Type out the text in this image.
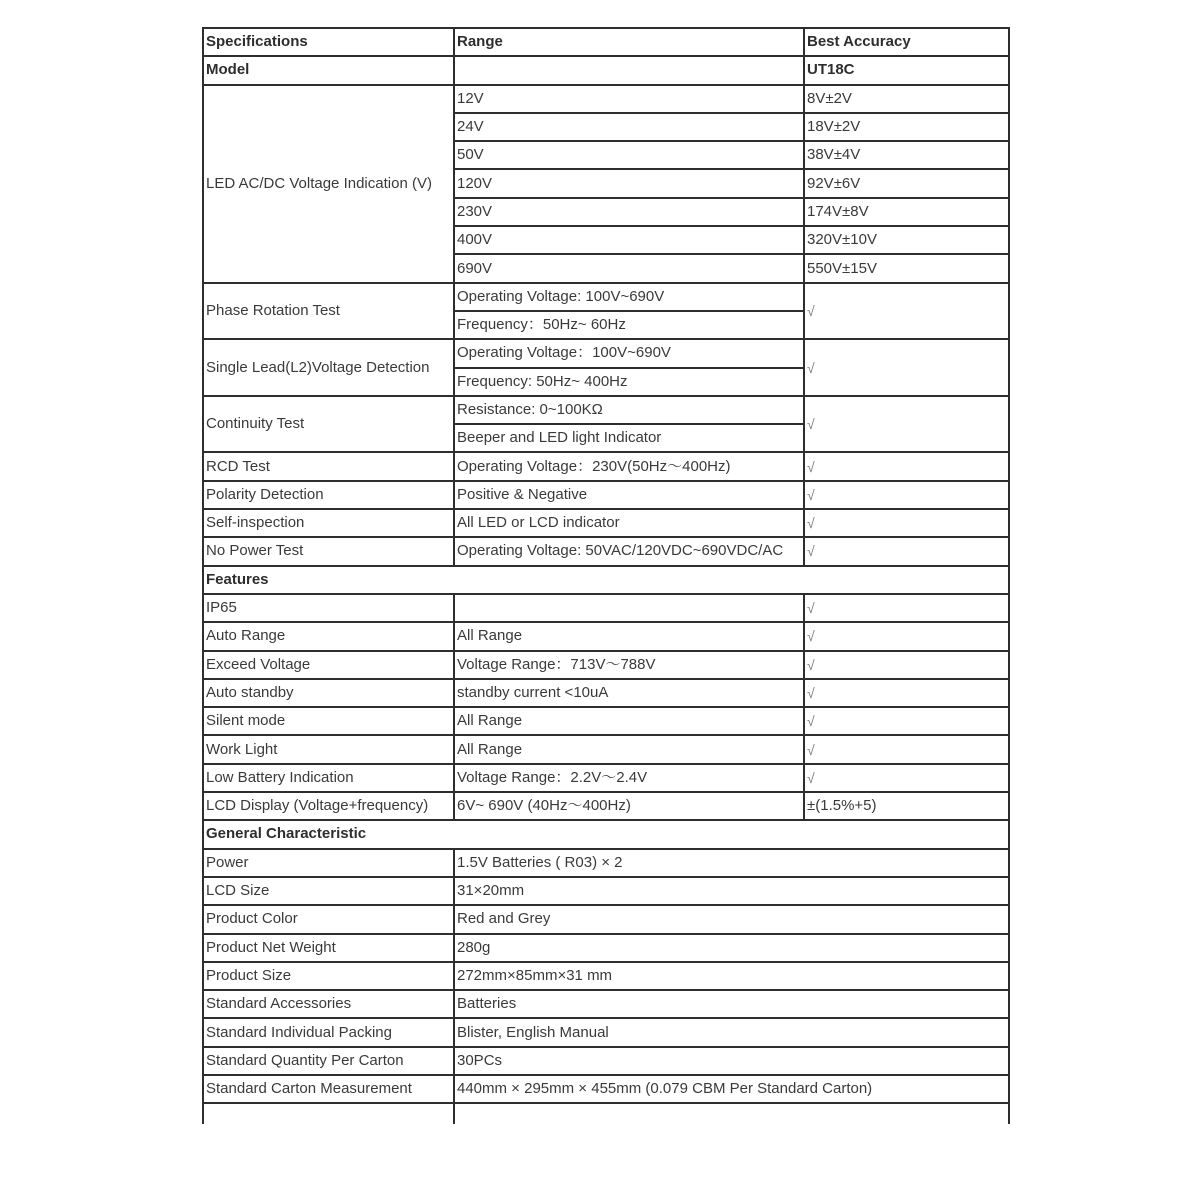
Specifications	Range	Best Accuracy
Model		UT18C
LED AC/DC Voltage Indication (V)	12V	8V±2V
	24V	18V±2V
	50V	38V±4V
	120V	92V±6V
	230V	174V±8V
	400V	320V±10V
	690V	550V±15V
Phase Rotation Test	Operating Voltage: 100V~690V	√
	Frequency：50Hz~ 60Hz	
Single Lead(L2)Voltage Detection	Operating Voltage：100V~690V	√
	Frequency: 50Hz~ 400Hz	
Continuity Test	Resistance: 0~100KΩ	√
	Beeper and LED light Indicator	
RCD Test	Operating Voltage：230V(50Hz～400Hz)	√
Polarity Detection	Positive & Negative	√
Self-inspection	All LED or LCD indicator	√
No Power Test	Operating Voltage: 50VAC/120VDC~690VDC/AC	√
Features		
IP65		√
Auto Range	All Range	√
Exceed Voltage	Voltage Range：713V～788V	√
Auto standby	standby current <10uA	√
Silent mode	All Range	√
Work Light	All Range	√
Low Battery Indication	Voltage Range：2.2V～2.4V	√
LCD Display (Voltage+frequency)	6V~ 690V (40Hz～400Hz)	±(1.5%+5)
General Characteristic		
Power	1.5V Batteries ( R03) × 2	
LCD Size	31×20mm	
Product Color	Red and Grey	
Product Net Weight	280g	
Product Size	272mm×85mm×31 mm	
Standard Accessories	Batteries	
Standard Individual Packing	Blister, English Manual	
Standard Quantity Per Carton	30PCs	
Standard Carton Measurement	440mm × 295mm × 455mm (0.079 CBM Per Standard Carton)	
